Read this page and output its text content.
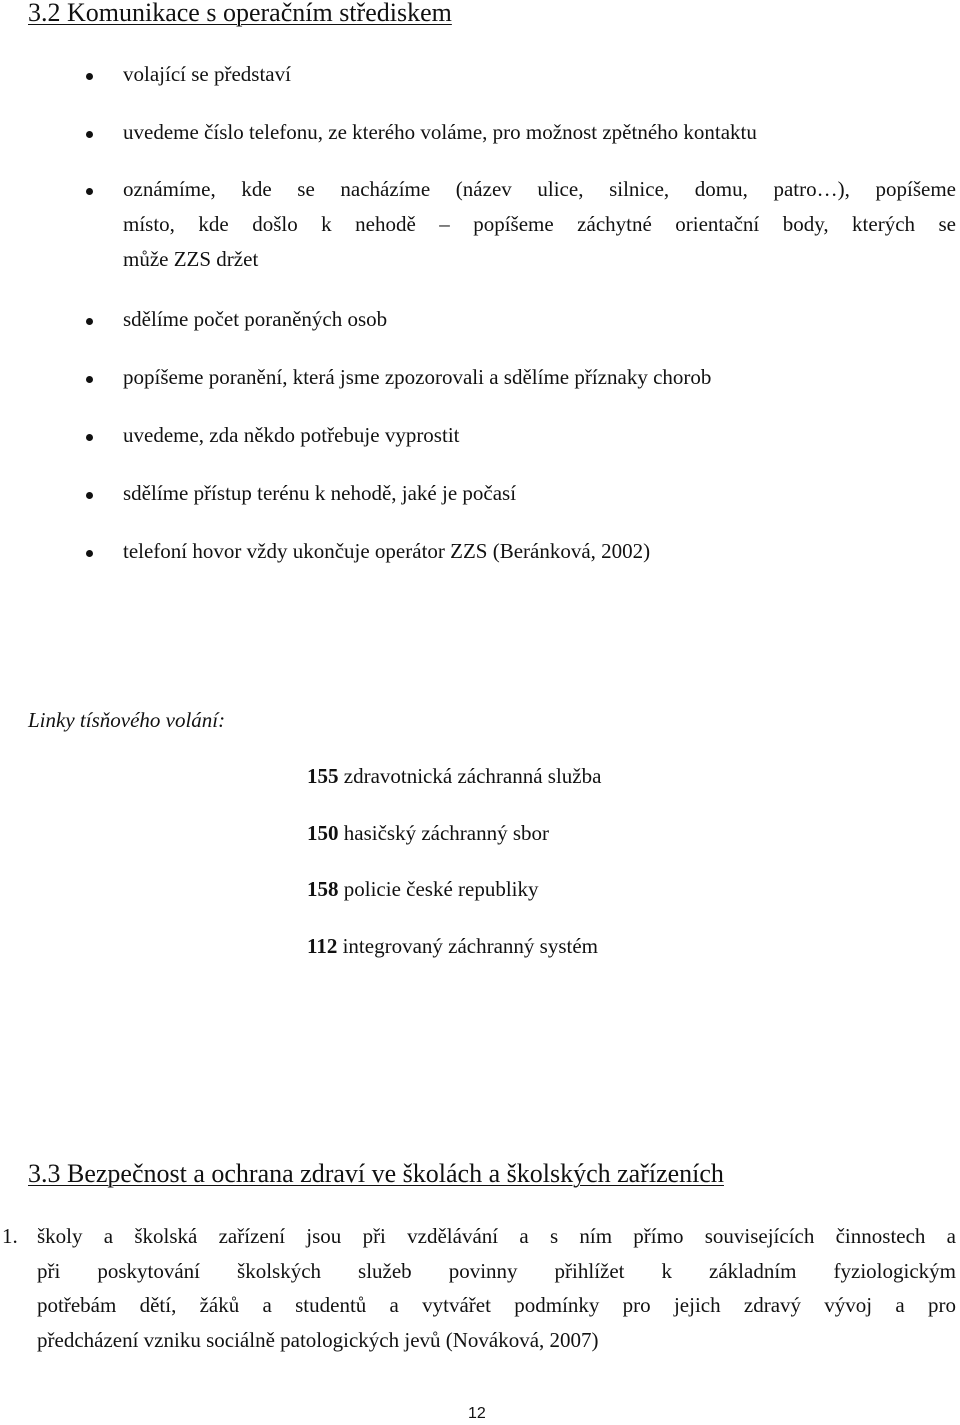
3.2 Komunikace s operačním střediskem
volající se představí
uvedeme číslo telefonu, ze kterého voláme, pro možnost zpětného kontaktu
oznámíme, kde se nacházíme (název ulice, silnice, domu, patro…), popíšeme
místo, kde došlo k nehodě – popíšeme záchytné orientační body, kterých se
může ZZS držet
sdělíme počet poraněných osob
popíšeme poranění, která jsme zpozorovali a sdělíme příznaky chorob
uvedeme, zda někdo potřebuje vyprostit
sdělíme přístup terénu k nehodě, jaké je počasí
telefoní hovor vždy ukončuje operátor ZZS (Beránková, 2002)
Linky tísňového volání:
155 zdravotnická záchranná služba
150 hasičský záchranný sbor
158 policie české republiky
112 integrovaný záchranný systém
3.3 Bezpečnost a ochrana zdraví ve školách a školských zařízeních
1. školy a školská zařízení jsou při vzdělávání a s ním přímo souvisejících činnostech a
při poskytování školských služeb povinny přihlížet k základním fyziologickým
potřebám dětí, žáků a studentů a vytvářet podmínky pro jejich zdravý vývoj a pro
předcházení vzniku sociálně patologických jevů (Nováková, 2007)
12
